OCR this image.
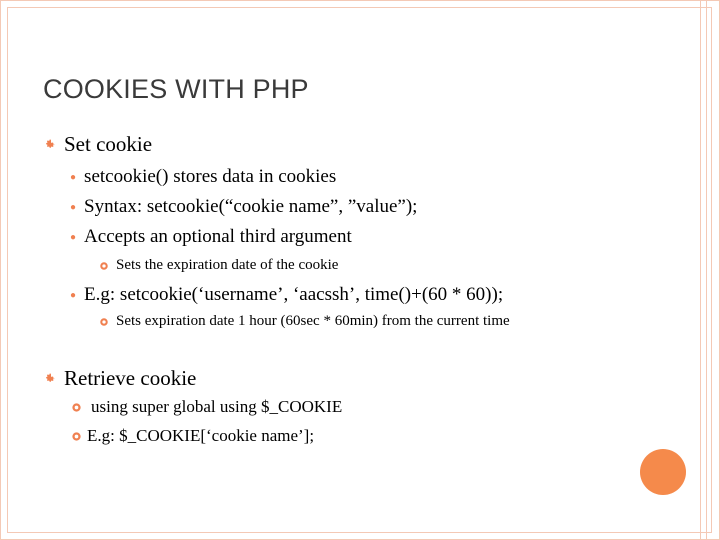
COOKIES WITH PHP
Set cookie
● setcookie() stores data in cookies
● Syntax: setcookie(“cookie name”, ”value”);
● Accepts an optional third argument
Sets the expiration date of the cookie
● E.g: setcookie(‘username’, ‘aacssh’, time()+(60 * 60));
Sets expiration date 1 hour (60sec * 60min) from the current time
Retrieve cookie
using super global using $_COOKIE
E.g: $_COOKIE[‘cookie name’];
